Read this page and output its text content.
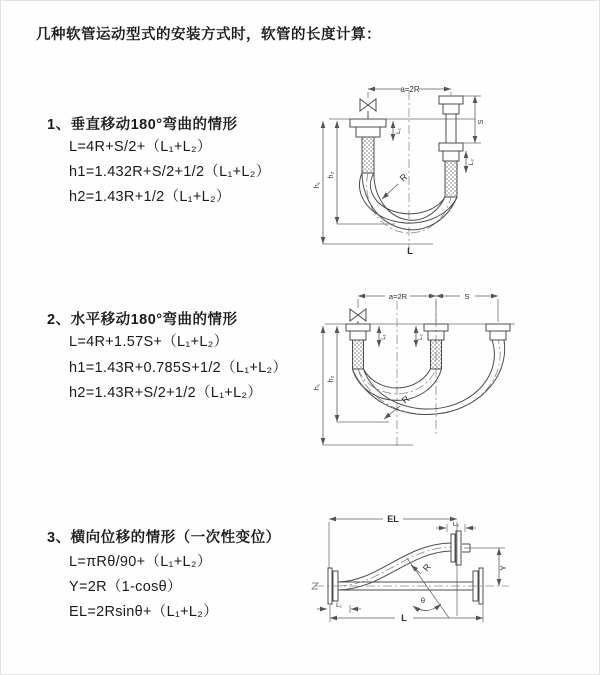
几种软管运动型式的安装方式时，软管的长度计算：
1、垂直移动180°弯曲的情形
L=4R+S/2+（L₁+L₂）
h1=1.432R+S/2+1/2（L₁+L₂）
h2=1.43R+1/2（L₁+L₂）
2、水平移动180°弯曲的情形
L=4R+1.57S+（L₁+L₂）
h1=1.43R+0.785S+1/2（L₁+L₂）
h2=1.43R+S/2+1/2（L₁+L₂）
3、横向位移的情形（一次性变位）
L=πRθ/90+（L₁+L₂）
Y=2R（1-cosθ）
EL=2Rsinθ+（L₁+L₂）
a=2R
S
L₁
L₂
h₁
h₂	R
L
a=2R	S
L₁	L₂
h₁
h₂
R
EL
L₂
R
θ
Y
L₁
L
